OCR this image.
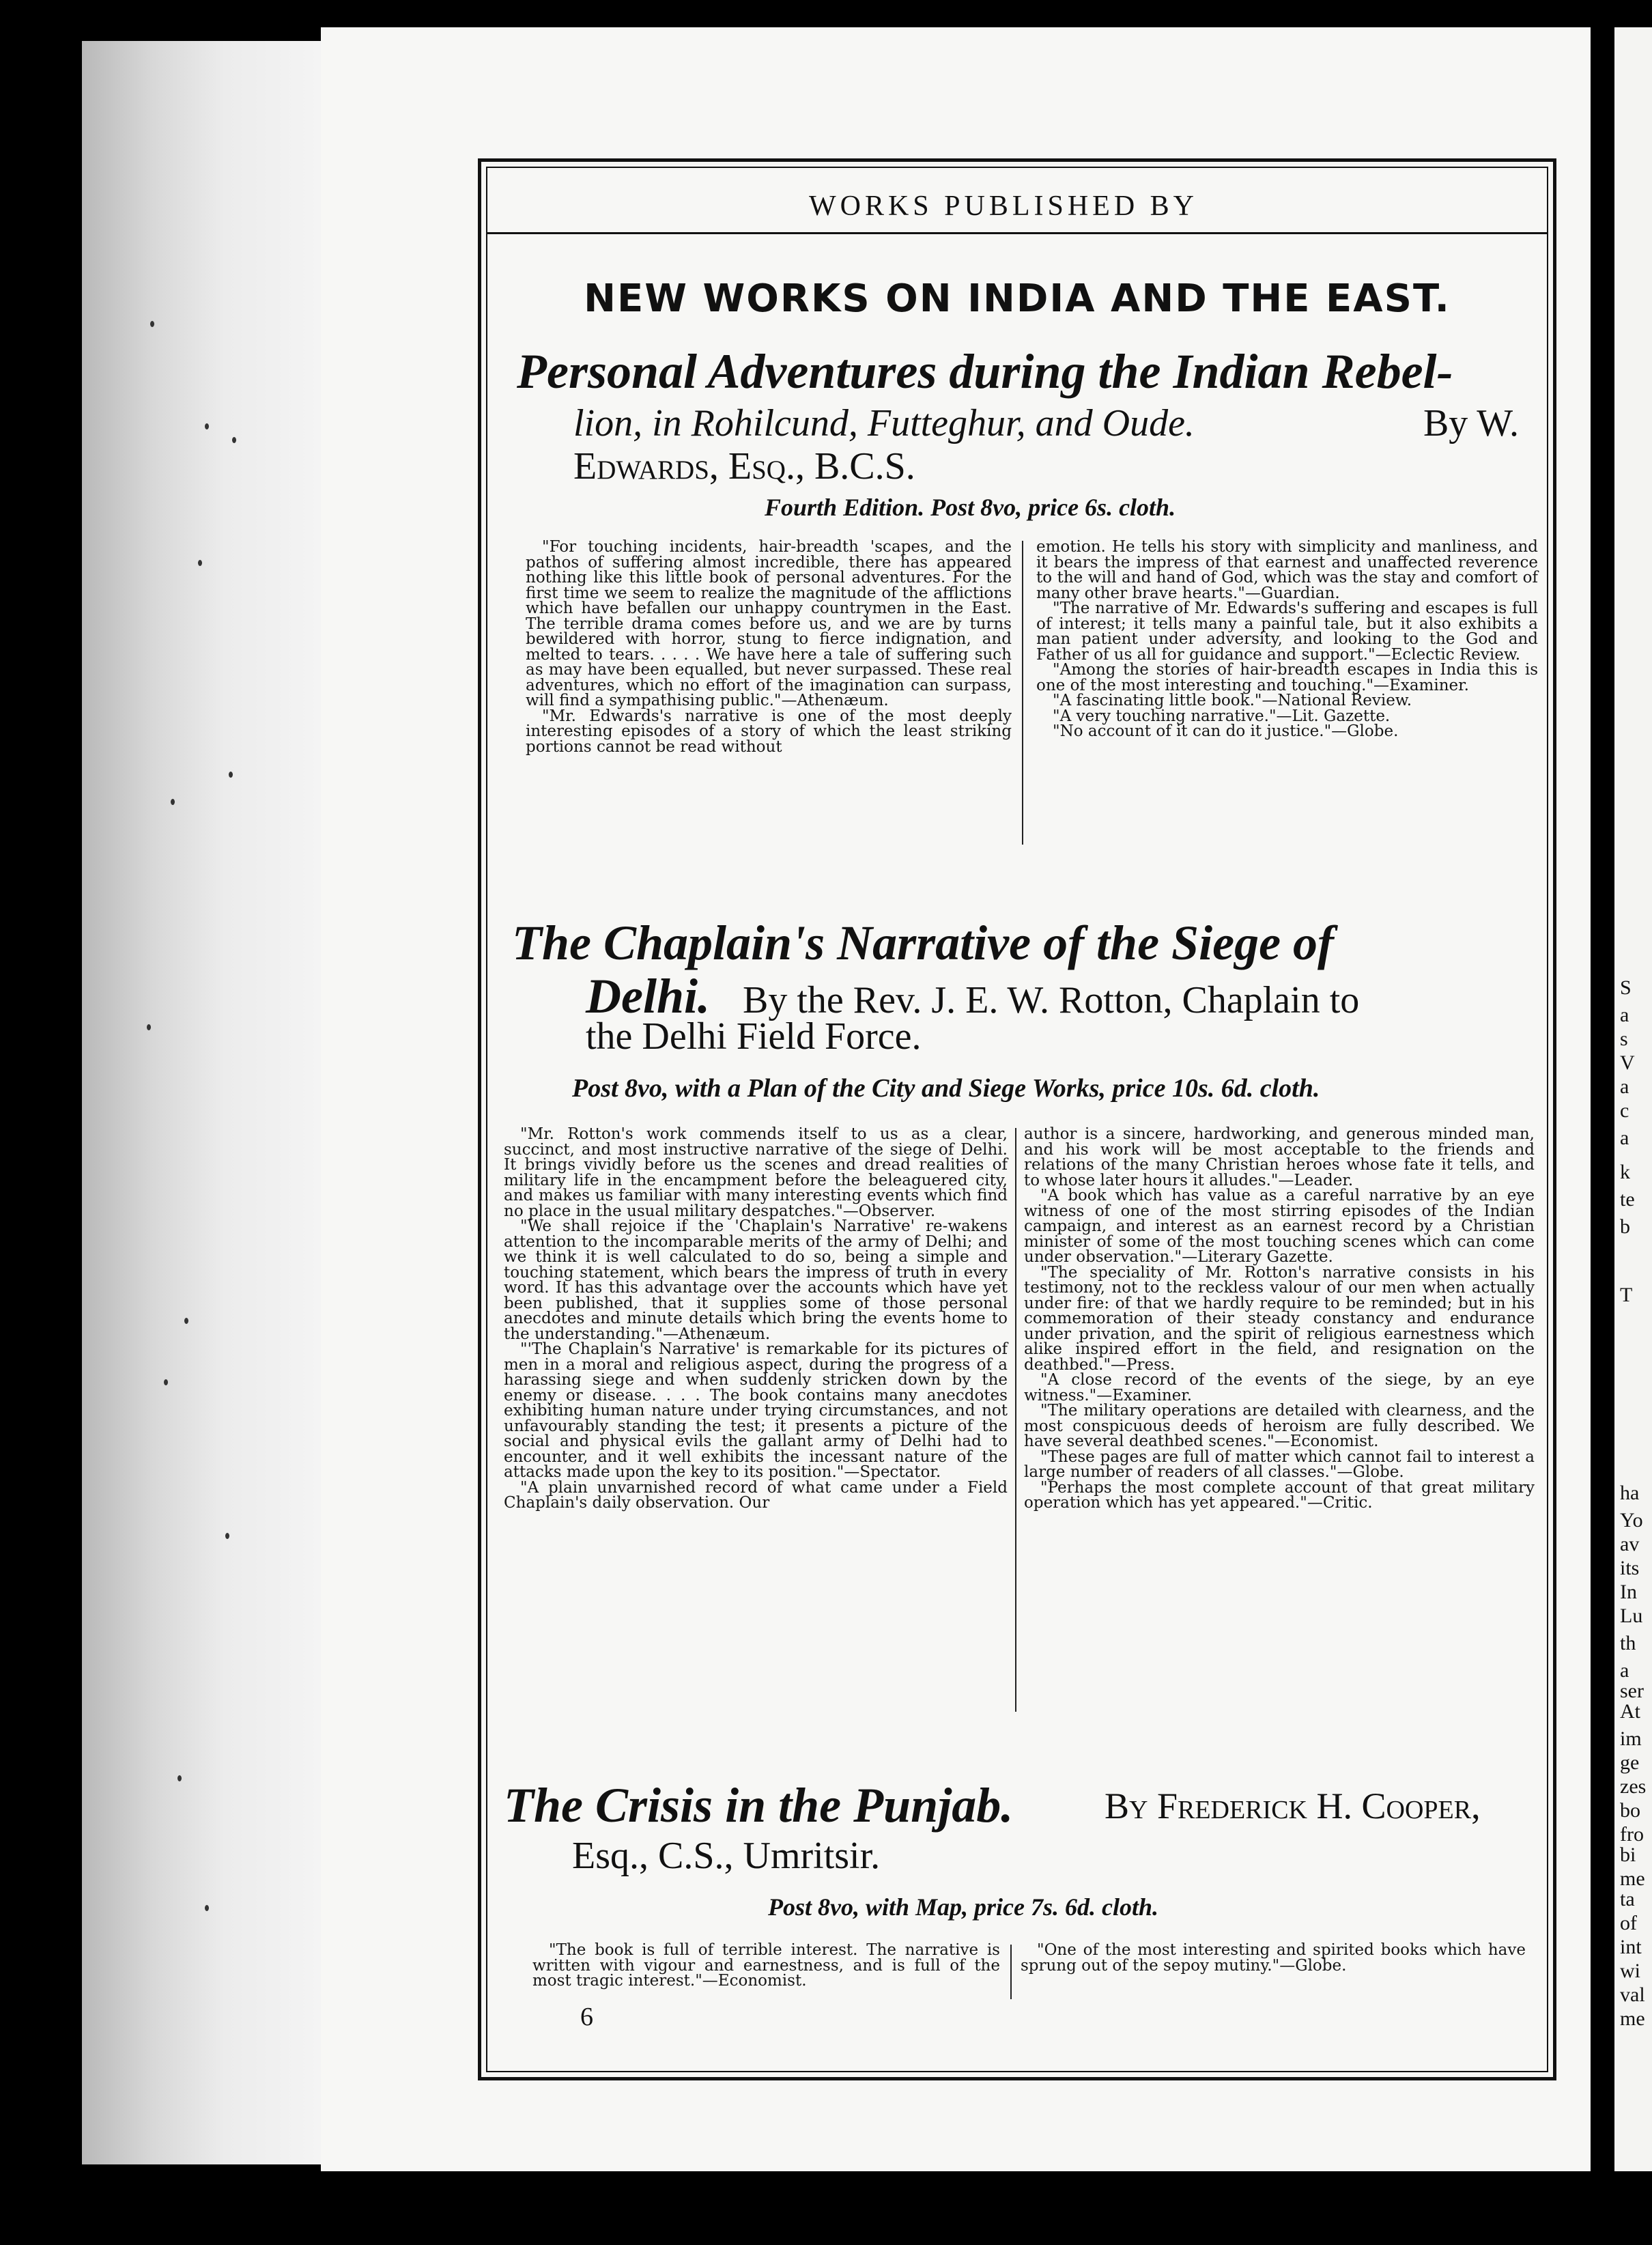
S
a
s
V
a
c
a
k
te
b
T
ha
Yo
av
its
In
Lu
th
a
ser
At
im
ge
zes
bo
fro
bi
me
ta
of
int
wi
val
me
WORKS PUBLISHED BY
NEW WORKS ON INDIA AND THE EAST.
Personal Adventures during the Indian Rebel-
lion, in Rohilcund, Futteghur, and Oude.	By W.
Edwards, Esq., B.C.S.
Fourth Edition. Post 8vo, price 6s. cloth.

"For touching incidents, hair-breadth 'scapes, and the pathos of suffering almost incredible, there has appeared nothing like this little book of personal adventures. For the first time we seem to realize the magnitude of the afflictions which have befallen our unhappy countrymen in the East. The terrible drama comes before us, and we are by turns bewildered with horror, stung to fierce indignation, and melted to tears. . . . . We have here a tale of suffering such as may have been equalled, but never surpassed. These real adventures, which no effort of the imagination can surpass, will find a sympathising public."—Athenæum.

"Mr. Edwards's narrative is one of the most deeply interesting episodes of a story of which the least striking portions cannot be read without

emotion. He tells his story with simplicity and manliness, and it bears the impress of that earnest and unaffected reverence to the will and hand of God, which was the stay and comfort of many other brave hearts."—Guardian.

"The narrative of Mr. Edwards's suffering and escapes is full of interest; it tells many a painful tale, but it also exhibits a man patient under adversity, and looking to the God and Father of us all for guidance and support."—Eclectic Review.

"Among the stories of hair-breadth escapes in India this is one of the most interesting and touching."—Examiner.

"A fascinating little book."—National Review.

"A very touching narrative."—Lit. Gazette.

"No account of it can do it justice."—Globe.

The Chaplain's Narrative of the Siege of
Delhi. By the Rev. J. E. W. Rotton, Chaplain to
the Delhi Field Force.
Post 8vo, with a Plan of the City and Siege Works, price 10s. 6d. cloth.

"Mr. Rotton's work commends itself to us as a clear, succinct, and most instructive narrative of the siege of Delhi. It brings vividly before us the scenes and dread realities of military life in the encampment before the beleaguered city, and makes us familiar with many interesting events which find no place in the usual military despatches."—Observer.

"We shall rejoice if the 'Chaplain's Narrative' re-wakens attention to the incomparable merits of the army of Delhi; and we think it is well calculated to do so, being a simple and touching statement, which bears the impress of truth in every word. It has this advantage over the accounts which have yet been published, that it supplies some of those personal anecdotes and minute details which bring the events home to the understanding."—Athenæum.

"'The Chaplain's Narrative' is remarkable for its pictures of men in a moral and religious aspect, during the progress of a harassing siege and when suddenly stricken down by the enemy or disease. . . . The book contains many anecdotes exhibiting human nature under trying circumstances, and not unfavourably standing the test; it presents a picture of the social and physical evils the gallant army of Delhi had to encounter, and it well exhibits the incessant nature of the attacks made upon the key to its position."—Spectator.

"A plain unvarnished record of what came under a Field Chaplain's daily observation. Our

author is a sincere, hardworking, and generous minded man, and his work will be most acceptable to the friends and relations of the many Christian heroes whose fate it tells, and to whose later hours it alludes."—Leader.

"A book which has value as a careful narrative by an eye witness of one of the most stirring episodes of the Indian campaign, and interest as an earnest record by a Christian minister of some of the most touching scenes which can come under observation."—Literary Gazette.

"The speciality of Mr. Rotton's narrative consists in his testimony, not to the reckless valour of our men when actually under fire: of that we hardly require to be reminded; but in his commemoration of their steady constancy and endurance under privation, and the spirit of religious earnestness which alike inspired effort in the field, and resignation on the deathbed."—Press.

"A close record of the events of the siege, by an eye witness."—Examiner.

"The military operations are detailed with clearness, and the most conspicuous deeds of heroism are fully described. We have several deathbed scenes."—Economist.

"These pages are full of matter which cannot fail to interest a large number of readers of all classes."—Globe.

"Perhaps the most complete account of that great military operation which has yet appeared."—Critic.

The Crisis in the Punjab. By Frederick H. Cooper,
Esq., C.S., Umritsir.
Post 8vo, with Map, price 7s. 6d. cloth.

"The book is full of terrible interest. The narrative is written with vigour and earnestness, and is full of the most tragic interest."—Economist.

"One of the most interesting and spirited books which have sprung out of the sepoy mutiny."—Globe.

6
